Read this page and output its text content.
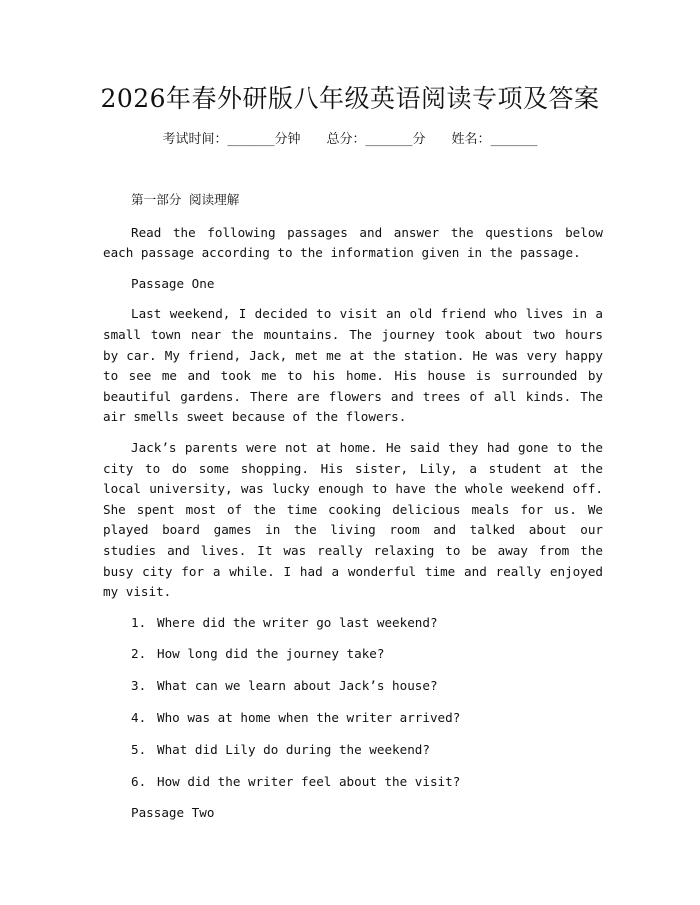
2026年春外研版八年级英语阅读专项及答案
考试时间：______分钟 总分：______分 姓名：______

第一部分 阅读理解

Read the following passages and answer the questions below each passage according to the information given in the passage.

Passage One

Last weekend, I decided to visit an old friend who lives in a small town near the mountains. The journey took about two hours by car. My friend, Jack, met me at the station. He was very happy to see me and took me to his home. His house is surrounded by beautiful gardens. There are flowers and trees of all kinds. The air smells sweet because of the flowers.

Jack’s parents were not at home. He said they had gone to the city to do some shopping. His sister, Lily, a student at the local university, was lucky enough to have the whole weekend off. She spent most of the time cooking delicious meals for us. We played board games in the living room and talked about our studies and lives. It was really relaxing to be away from the busy city for a while. I had a wonderful time and really enjoyed my visit.

1. Where did the writer go last weekend?
2. How long did the journey take?
3. What can we learn about Jack’s house?
4. Who was at home when the writer arrived?
5. What did Lily do during the weekend?
6. How did the writer feel about the visit?

Passage Two
